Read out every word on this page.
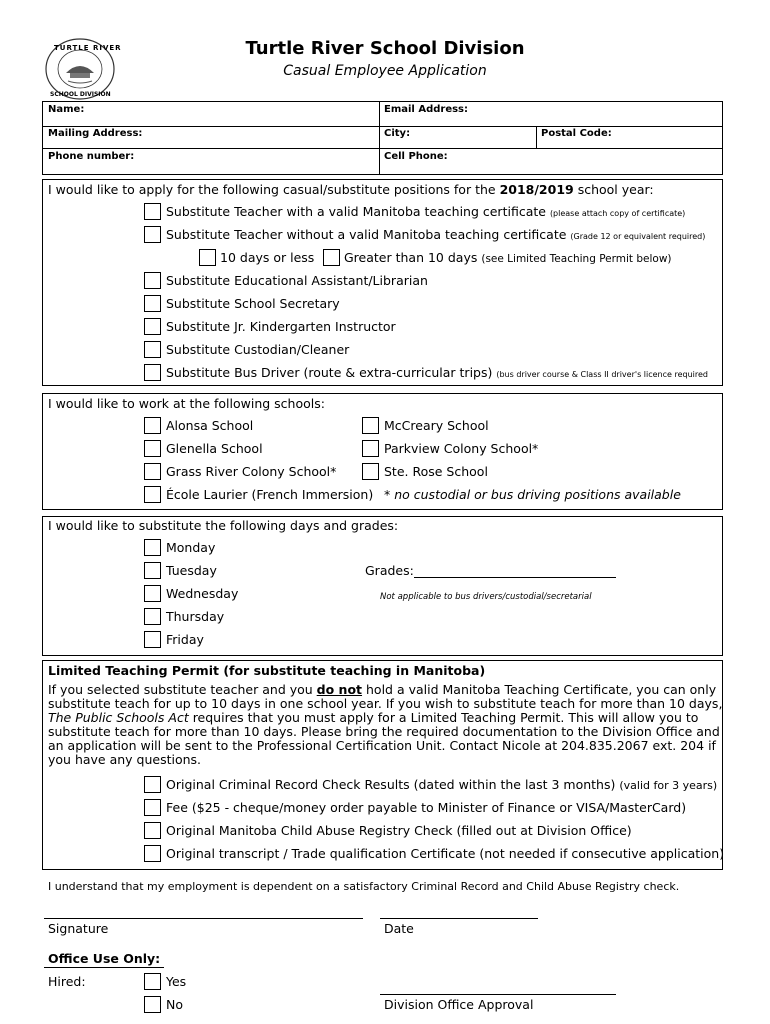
TURTLE RIVER
SCHOOL DIVISION
Turtle River School Division
Casual Employee Application
Name:	Email Address:
Mailing Address:	City:	Postal Code:
Phone number:	Cell Phone:
I would like to apply for the following casual/substitute positions for the 2018/2019 school year:
Substitute Teacher with a valid Manitoba teaching certificate (please attach copy of certificate)
Substitute Teacher without a valid Manitoba teaching certificate (Grade 12 or equivalent required)
10 days or less Greater than 10 days (see Limited Teaching Permit below)
Substitute Educational Assistant/Librarian
Substitute School Secretary
Substitute Jr. Kindergarten Instructor
Substitute Custodian/Cleaner
Substitute Bus Driver (route & extra-curricular trips) (bus driver course & Class II driver's licence required
I would like to work at the following schools:
Alonsa School	McCreary School
Glenella School	Parkview Colony School*
Grass River Colony School*	Ste. Rose School
École Laurier (French Immersion) * no custodial or bus driving positions available
I would like to substitute the following days and grades:
Monday
Tuesday
Wednesday
Thursday
Friday
Grades:
Not applicable to bus drivers/custodial/secretarial
Limited Teaching Permit (for substitute teaching in Manitoba)
If you selected substitute teacher and you do not hold a valid Manitoba Teaching Certificate, you can only
substitute teach for up to 10 days in one school year. If you wish to substitute teach for more than 10 days,
The Public Schools Act requires that you must apply for a Limited Teaching Permit. This will allow you to
substitute teach for more than 10 days. Please bring the required documentation to the Division Office and
an application will be sent to the Professional Certification Unit. Contact Nicole at 204.835.2067 ext. 204 if
you have any questions.
Original Criminal Record Check Results (dated within the last 3 months) (valid for 3 years)
Fee ($25 - cheque/money order payable to Minister of Finance or VISA/MasterCard)
Original Manitoba Child Abuse Registry Check (filled out at Division Office)
Original transcript / Trade qualification Certificate (not needed if consecutive application)
I understand that my employment is dependent on a satisfactory Criminal Record and Child Abuse Registry check.
Signature	Date
Office Use Only:
Hired:	Yes
No	Division Office Approval
